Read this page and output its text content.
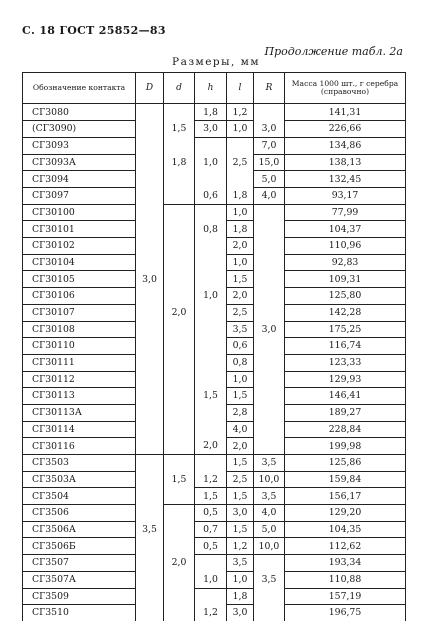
С. 18 ГОСТ 25852—83
Продолжение табл. 2а
Размеры, мм
Обозначение контакта	D	d	h	l	R	Масса 1000 шт., г серебра (справочно)
СГ3080			1,8	1,2		141,31
(СГ3090)		1,5	3,0	1,0	3,0	226,66
СГ3093					7,0	134,86
СГ3093А		1,8	1,0	2,5	15,0	138,13
СГ3094					5,0	132,45
СГ3097			0,6	1,8	4,0	93,17
СГ30100				1,0		77,99
СГ30101			0,8	1,8		104,37
СГ30102				2,0		110,96
СГ30104				1,0		92,83
СГ30105	3,0			1,5		109,31
СГ30106			1,0	2,0		125,80
СГ30107		2,0		2,5		142,28
СГ30108				3,5	3,0	175,25
СГ30110				0,6		116,74
СГ30111				0,8		123,33
СГ30112				1,0		129,93
СГ30113			1,5	1,5		146,41
СГ30113А				2,8		189,27
СГ30114				4,0		228,84
СГ30116			2,0	2,0		199,98
СГ3503				1,5	3,5	125,86
СГ3503А		1,5	1,2	2,5	10,0	159,84
СГ3504			1,5	1,5	3,5	156,17
СГ3506			0,5	3,0	4,0	129,20
СГ3506А	3,5		0,7	1,5	5,0	104,35
СГ3506Б			0,5	1,2	10,0	112,62
СГ3507		2,0		3,5		193,34
СГ3507А			1,0	1,0	3,5	110,88
СГ3509				1,8		157,19
СГ3510			1,2	3,0		196,75
